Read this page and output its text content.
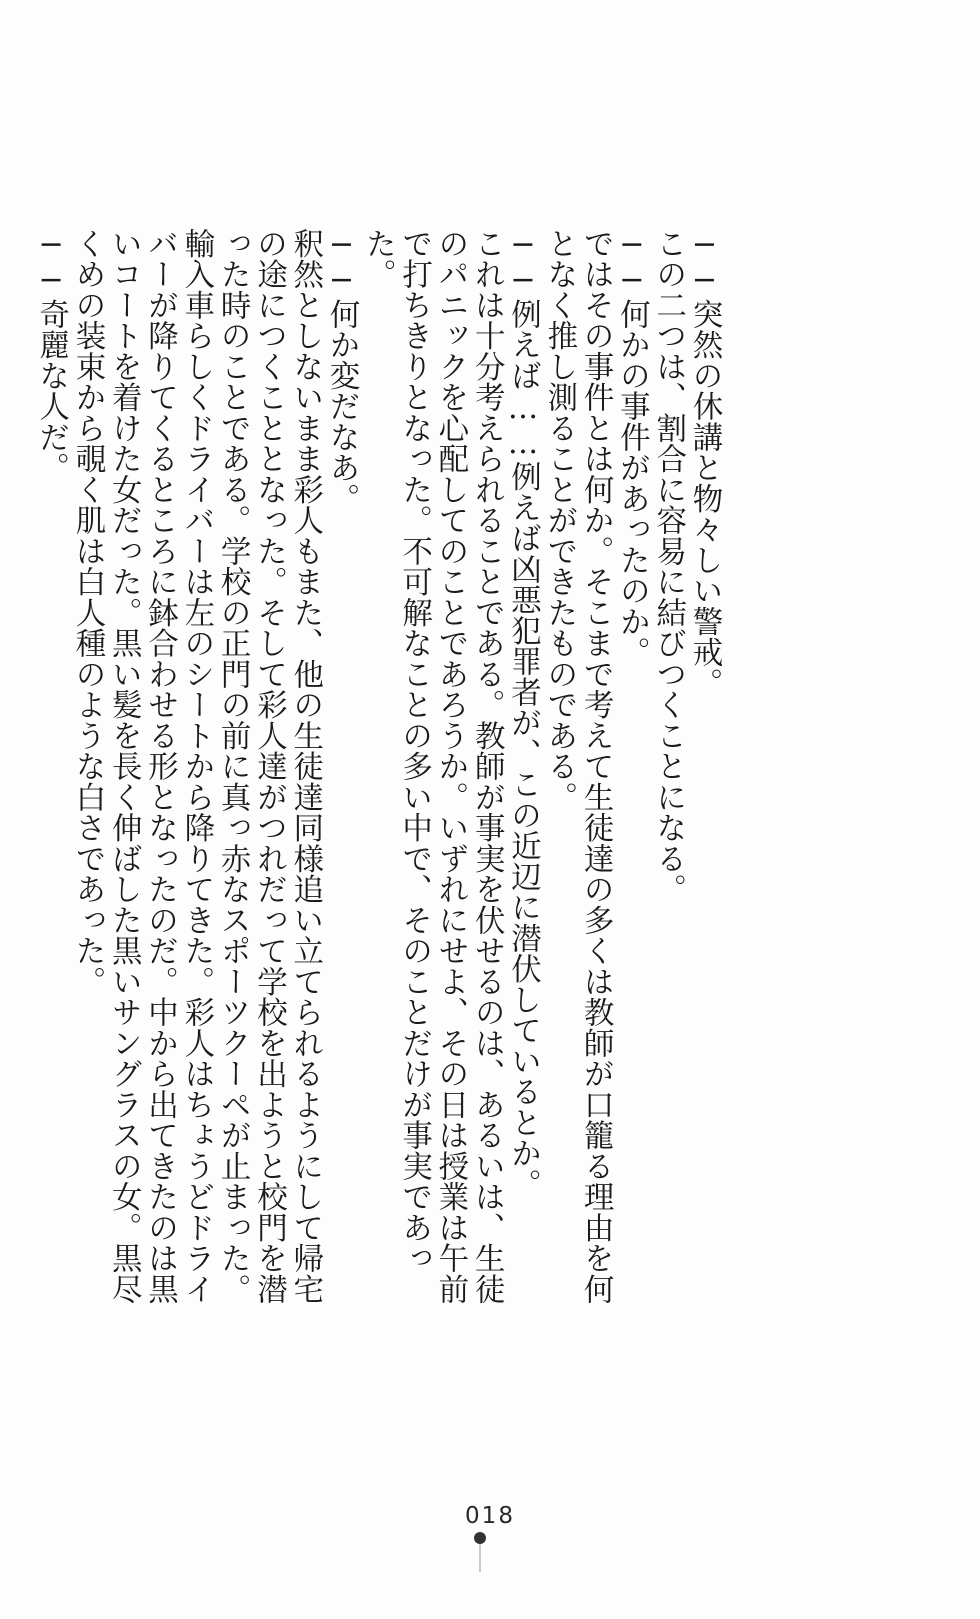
──突然の休講と物々しい警戒。

この二つは、割合に容易に結びつくことになる。

──何かの事件があったのか。

ではその事件とは何か。そこまで考えて生徒達の多くは教師が口籠る理由を何となく推し測ることができたものである。

──例えば……例えば凶悪犯罪者が、この近辺に潜伏しているとか。

これは十分考えられることである。教師が事実を伏せるのは、あるいは、生徒のパニックを心配してのことであろうか。いずれにせよ、その日は授業は午前で打ちきりとなった。不可解なことの多い中で、そのことだけが事実であった。

──何か変だなあ。

釈然としないまま彩人もまた、他の生徒達同様追い立てられるようにして帰宅の途につくこととなった。そして彩人達がつれだって学校を出ようと校門を潜った時のことである。学校の正門の前に真っ赤なスポーツクーペが止まった。輸入車らしくドライバーは左のシートから降りてきた。彩人はちょうどドライバーが降りてくるところに鉢合わせる形となったのだ。中から出てきたのは黒いコートを着けた女だった。黒い髪を長く伸ばした黒いサングラスの女。黒尽くめの装束から覗く肌は白人種のような白さであった。

──奇麗な人だ。

018
